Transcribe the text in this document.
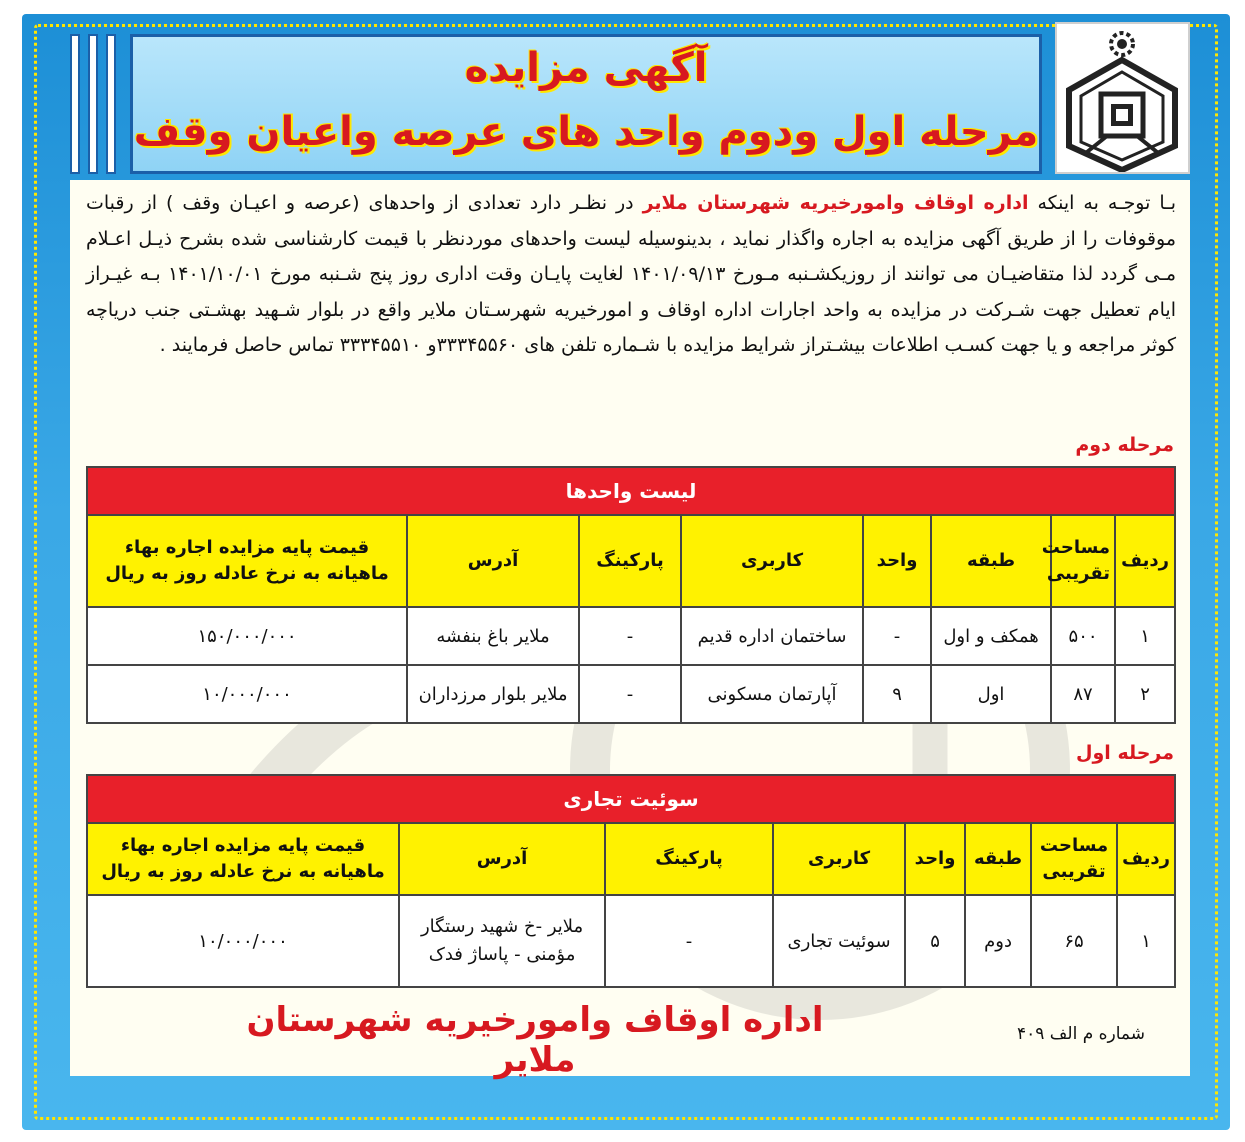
آگهی مزایده
مرحله اول ودوم واحد های عرصه واعیان وقف
بـا توجـه به اینکه اداره اوقاف وامورخیریه شهرستان ملایر در نظـر دارد تعدادی از واحدهای (عرصه و اعیـان وقف ) از رقبات موقوفات را از طریق آگهی مزایده به اجاره واگذار نماید ، بدینوسیله لیست واحدهای موردنظر با قیمت کارشناسی شده بشرح ذیـل اعـلام مـی گردد لذا متقاضیـان می توانند از روزیکشـنبه مـورخ ۱۴۰۱/۰۹/۱۳ لغایت پایـان وقت اداری روز پنج شـنبه مورخ ۱۴۰۱/۱۰/۰۱ بـه غیـراز ایام تعطیل جهت شـرکت در مزایده به واحد اجارات اداره اوقاف و امورخیریه شهرسـتان ملایر واقع در بلوار شـهید بهشـتی جنب دریاچه کوثر مراجعه و یا جهت کسـب اطلاعات بیشـتراز شرایط مزایده با شـماره تلفن های ۳۳۳۴۵۵۶۰و ۳۳۳۴۵۵۱۰ تماس حاصل فرمایند .
مرحله دوم
لیست واحدها							
ردیف	مساحت تقریبی	طبقه	واحد	کاربری	پارکینگ	آدرس	قیمت پایه مزایده اجاره بهاء ماهیانه به نرخ عادله روز به ریال
۱	۵۰۰	همکف و اول	-	ساختمان اداره قدیم	-	ملایر باغ بنفشه	۱۵۰/۰۰۰/۰۰۰
۲	۸۷	اول	۹	آپارتمان مسکونی	-	ملایر بلوار مرزداران	۱۰/۰۰۰/۰۰۰
مرحله اول
سوئیت تجاری							
ردیف	مساحت تقریبی	طبقه	واحد	کاربری	پارکینگ	آدرس	قیمت پایه مزایده اجاره بهاء ماهیانه به نرخ عادله روز به ریال
۱	۶۵	دوم	۵	سوئیت تجاری	-	ملایر -خ شهید رستگار مؤمنی - پاساژ فدک	۱۰/۰۰۰/۰۰۰
اداره اوقاف وامورخیریه شهرستان ملایر
شماره م الف ۴۰۹
